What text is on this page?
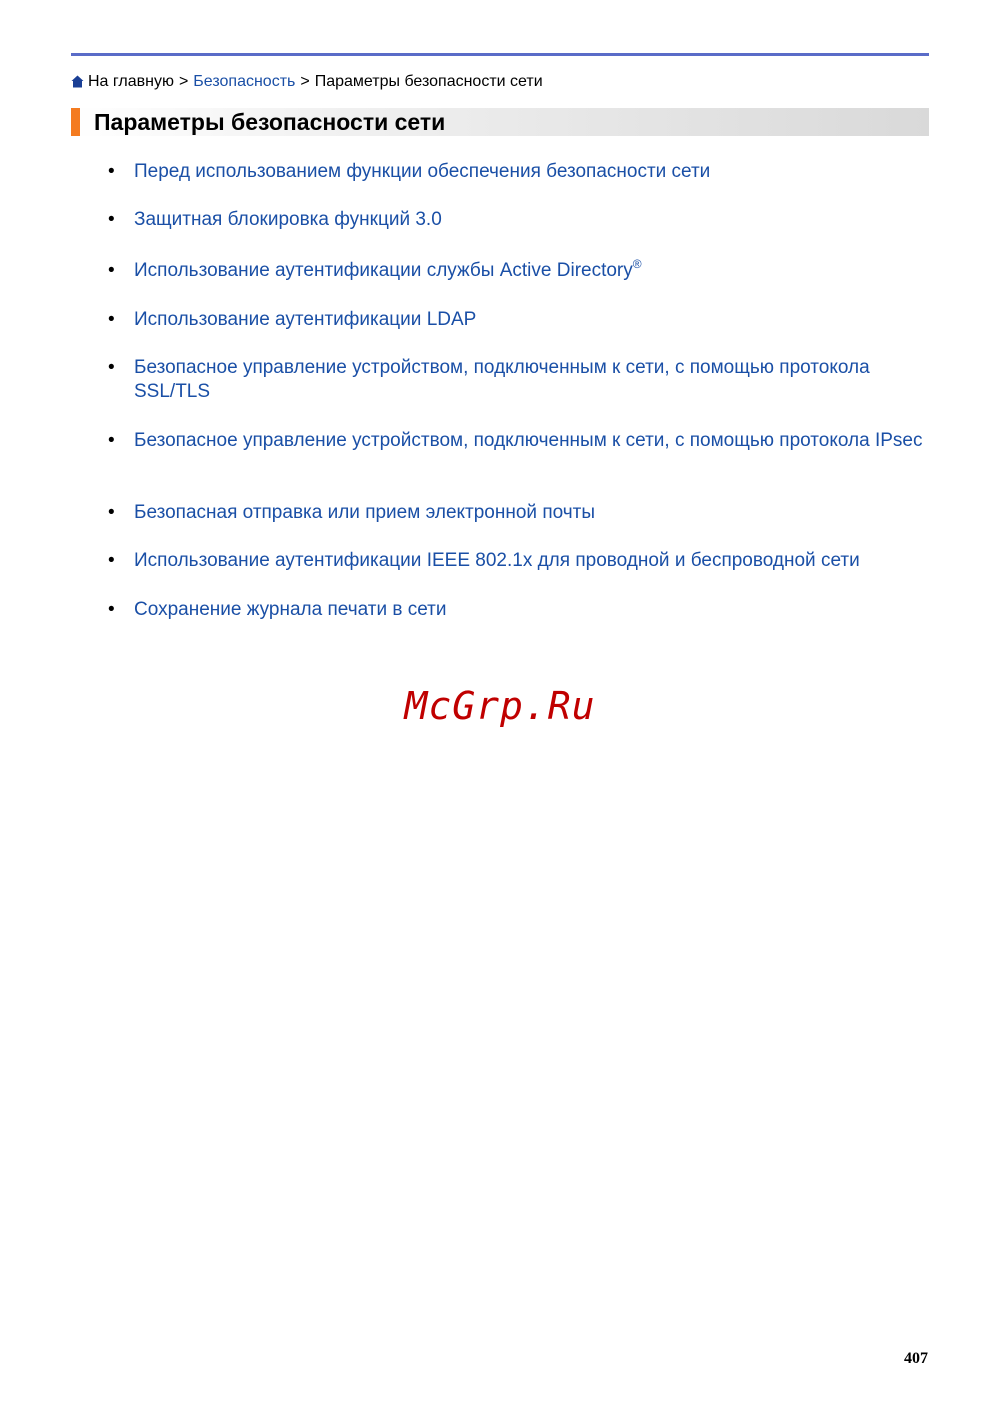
На главную > Безопасность > Параметры безопасности сети
Параметры безопасности сети
• Перед использованием функции обеспечения безопасности сети
• Защитная блокировка функций 3.0
• Использование аутентификации службы Active Directory®
• Использование аутентификации LDAP
• Безопасное управление устройством, подключенным к сети, с помощью протокола SSL/TLS
• Безопасное управление устройством, подключенным к сети, с помощью протокола IPsec
• Безопасная отправка или прием электронной почты
• Использование аутентификации IEEE 802.1x для проводной и беспроводной сети
• Сохранение журнала печати в сети
McGrp.Ru
407
